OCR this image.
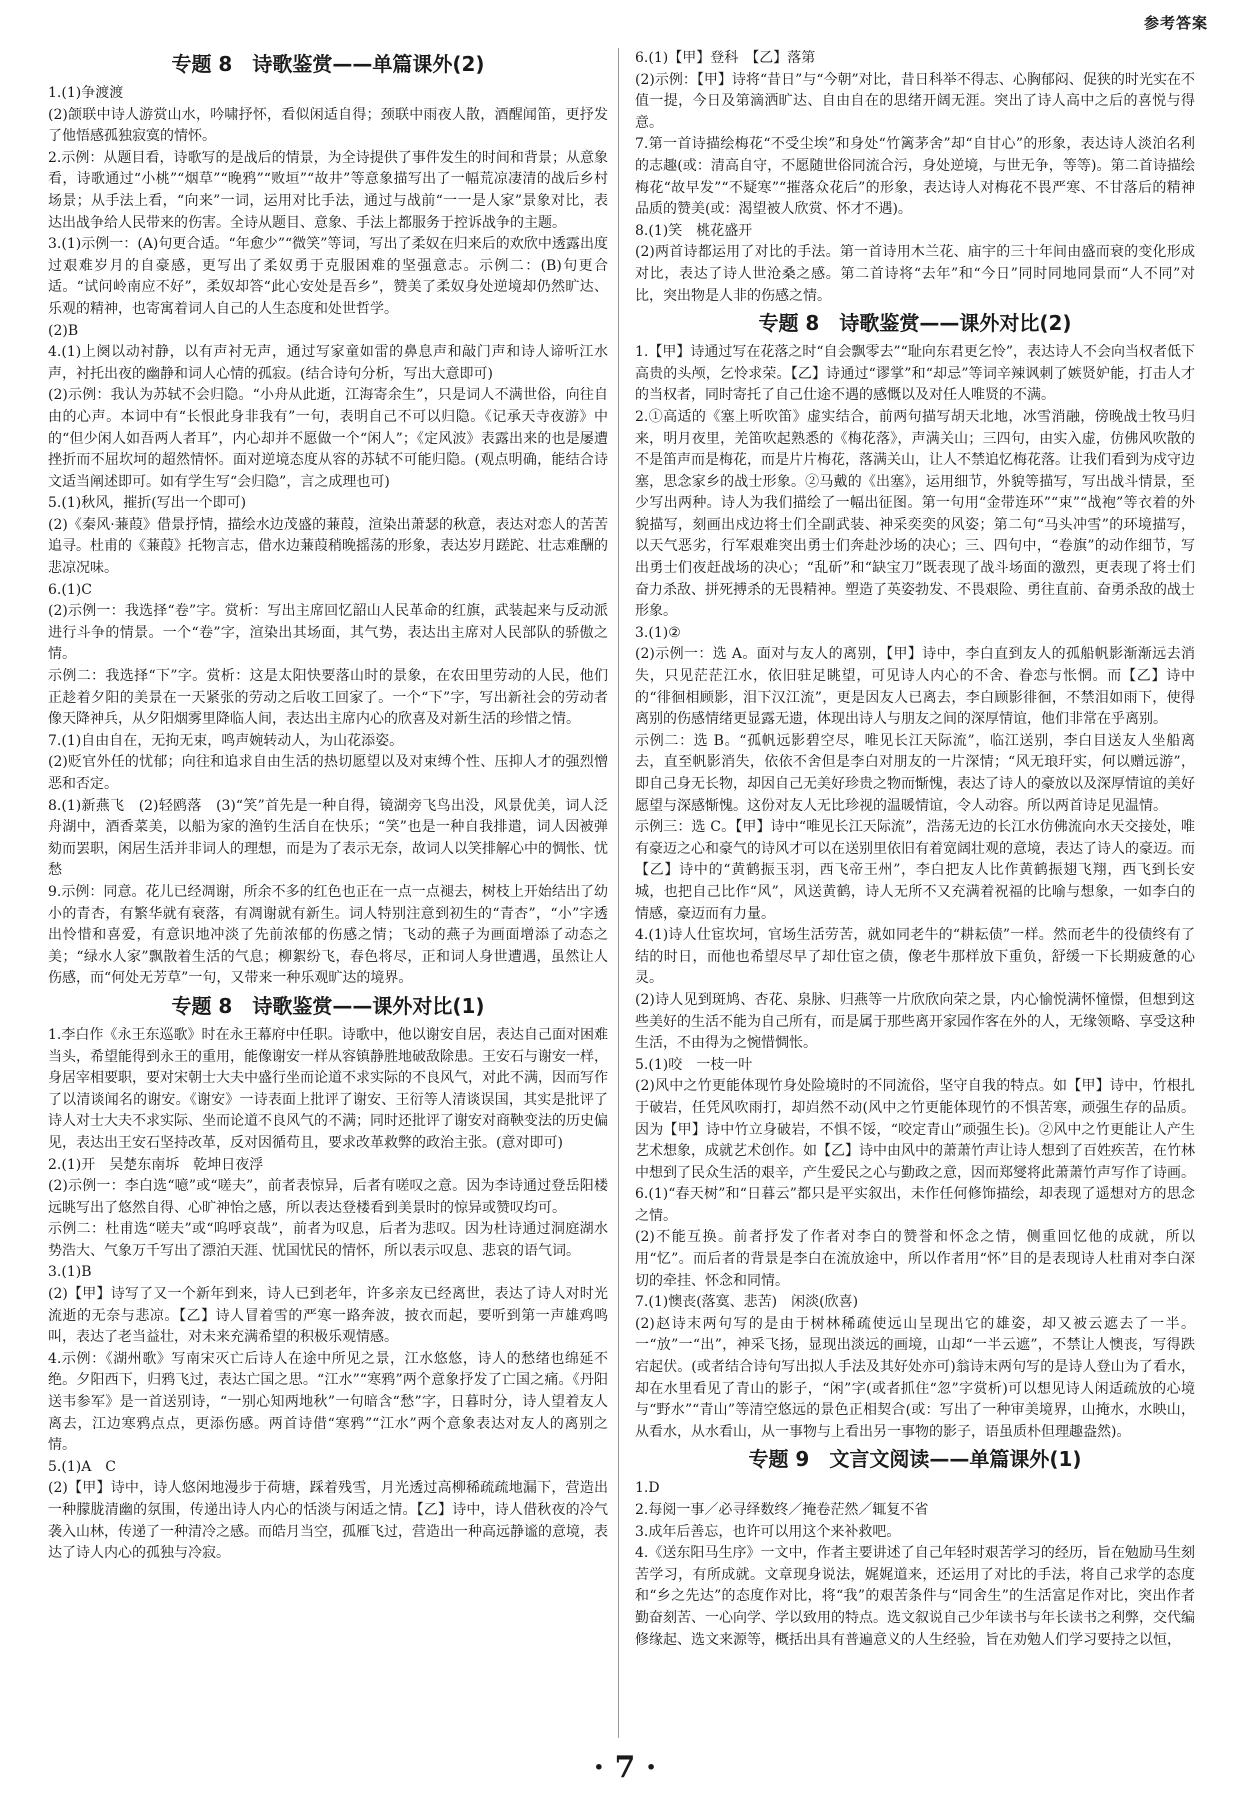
参考答案
专题 8　诗歌鉴赏——单篇课外(2)

1.(1)争渡渡

(2)颌联中诗人游赏山水，吟啸抒怀，看似闲适自得；颈联中雨夜人散，酒醒闻笛，更抒发了他悟感孤独寂寞的情怀。

2.示例：从题目看，诗歌写的是战后的情景，为全诗提供了事件发生的时间和背景；从意象看，诗歌通过“小桃”“烟草”“晚鸦”“败垣”“故井”等意象描写出了一幅荒凉凄清的战后乡村场景；从手法上看，“向来”一词，运用对比手法，通过与战前“一一是人家”景象对比，表达出战争给人民带来的伤害。全诗从题目、意象、手法上都服务于控诉战争的主题。

3.(1)示例一：(A)句更合适。“年愈少”“微笑”等词，写出了柔奴在归来后的欢欣中透露出度过艰难岁月的自豪感，更写出了柔奴勇于克服困难的坚强意志。示例二：(B)句更合适。“试问岭南应不好”，柔奴却答“此心安处是吾乡”，赞美了柔奴身处逆境却仍然旷达、乐观的精神，也寄寓着词人自己的人生态度和处世哲学。

(2)B

4.(1)上阕以动衬静，以有声衬无声，通过写家童如雷的鼻息声和敲门声和诗人谛听江水声，衬托出夜的幽静和词人心情的孤寂。(结合诗句分析，写出大意即可)

(2)示例：我认为苏轼不会归隐。“小舟从此逝，江海寄余生”，只是词人不满世俗，向往自由的心声。本词中有“长恨此身非我有”一句，表明自己不可以归隐。《记承天寺夜游》中的“但少闲人如吾两人者耳”，内心却并不愿做一个“闲人”；《定风波》表露出来的也是屡遭挫折而不屈坎坷的超然情怀。面对逆境态度从容的苏轼不可能归隐。(观点明确，能结合诗文适当阐述即可。如有学生写“会归隐”，言之成理也可)

5.(1)秋风，摧折(写出一个即可)

(2)《秦风·蒹葭》借景抒情，描绘水边茂盛的蒹葭，渲染出萧瑟的秋意，表达对恋人的苦苦追寻。杜甫的《蒹葭》托物言志，借水边蒹葭稍晚摇荡的形象，表达岁月蹉跎、壮志难酬的悲凉况味。

6.(1)C

(2)示例一：我选择“卷”字。赏析：写出主席回忆韶山人民革命的红旗，武装起来与反动派进行斗争的情景。一个“卷”字，渲染出其场面，其气势，表达出主席对人民部队的骄傲之情。

示例二：我选择“下”字。赏析：这是太阳快要落山时的景象，在农田里劳动的人民，他们正趁着夕阳的美景在一天紧张的劳动之后收工回家了。一个“下”字，写出新社会的劳动者像天降神兵，从夕阳烟雾里降临人间，表达出主席内心的欣喜及对新生活的珍惜之情。

7.(1)自由自在，无拘无束，鸣声婉转动人，为山花添姿。

(2)贬官外任的忧郁；向往和追求自由生活的热切愿望以及对束缚个性、压抑人才的强烈憎恶和否定。

8.(1)新燕飞　(2)轻鸥落　(3)“笑”首先是一种自得，镜湖旁飞鸟出没，风景优美，词人泛舟湖中，酒香菜美，以船为家的渔钓生活自在快乐；“笑”也是一种自我排遣，词人因被弹劾而罢职，闲居生活并非词人的理想，而是为了表示无奈，故词人以笑排解心中的惆怅、忧愁

9.示例：同意。花儿已经凋谢，所余不多的红色也正在一点一点褪去，树枝上开始结出了幼小的青杏，有繁华就有衰落，有凋谢就有新生。词人特别注意到初生的“青杏”，“小”字透出怜惜和喜爱，有意识地冲淡了先前浓郁的伤感之情；飞动的燕子为画面增添了动态之美；“绿水人家”飘散着生活的气息；柳絮纷飞，春色将尽，正和词人身世遭遇，虽然让人伤感，而“何处无芳草”一句，又带来一种乐观旷达的境界。

专题 8　诗歌鉴赏——课外对比(1)

1.李白作《永王东巡歌》时在永王幕府中任职。诗歌中，他以谢安自居，表达自己面对困难当头，希望能得到永王的重用，能像谢安一样从容镇静胜地破敌除患。王安石与谢安一样，身居宰相要职，要对宋朝士大夫中盛行坐而论道不求实际的不良风气，对此不满，因而写作了以清谈闻名的谢安。《谢安》一诗表面上批评了谢安、王衍等人清谈误国，其实是批评了诗人对士大夫不求实际、坐而论道不良风气的不满；同时还批评了谢安对商鞅变法的历史偏见，表达出王安石坚持改革，反对因循苟且，要求改革救弊的政治主张。(意对即可)

2.(1)开　吴楚东南坼　乾坤日夜浮

(2)示例一：李白选“噫”或“嗟夫”，前者表惊异，后者有嗟叹之意。因为李诗通过登岳阳楼远眺写出了悠然自得、心旷神怡之感，所以表达登楼看到美景时的惊异或赞叹均可。

示例二：杜甫选“嗟夫”或“呜呼哀哉”，前者为叹息，后者为悲叹。因为杜诗通过洞庭湖水势浩大、气象万千写出了漂泊天涯、忧国忧民的情怀，所以表示叹息、悲哀的语气词。

3.(1)B

(2)【甲】诗写了又一个新年到来，诗人已到老年，许多亲友已经离世，表达了诗人对时光流逝的无奈与悲凉。【乙】诗人冒着雪的严寒一路奔波，披衣而起，要听到第一声雄鸡鸣叫，表达了老当益壮，对未来充满希望的积极乐观情感。

4.示例：《湖州歌》写南宋灭亡后诗人在途中所见之景，江水悠悠，诗人的愁绪也绵延不绝。夕阳西下，归鸦飞过，表达亡国之思。“江水”“寒鸦”两个意象抒发了亡国之痛。《丹阳送韦参军》是一首送别诗，“一别心知两地秋”一句暗含“愁”字，日暮时分，诗人望着友人离去，江边寒鸦点点，更添伤感。两首诗借“寒鸦”“江水”两个意象表达对友人的离别之情。

5.(1)A　C

(2)【甲】诗中，诗人悠闲地漫步于荷塘，踩着残雪，月光透过高柳稀疏疏地漏下，营造出一种朦胧清幽的氛围，传递出诗人内心的恬淡与闲适之情。【乙】诗中，诗人借秋夜的冷气袭入山林，传递了一种清冷之感。而皓月当空，孤雁飞过，营造出一种高远静谧的意境，表达了诗人内心的孤独与冷寂。

6.(1)【甲】登科　【乙】落第

(2)示例：【甲】诗将“昔日”与“今朝”对比，昔日科举不得志、心胸郁闷、促狭的时光实在不值一提，今日及第滴洒旷达、自由自在的思绪开阔无涯。突出了诗人高中之后的喜悦与得意。

7.第一首诗描绘梅花“不受尘埃”和身处“竹篱茅舍”却“自甘心”的形象，表达诗人淡泊名利的志趣(或：清高自守，不愿随世俗同流合污，身处逆境，与世无争，等等)。第二首诗描绘梅花“故早发”“不疑寒”“摧落众花后”的形象，表达诗人对梅花不畏严寒、不甘落后的精神品质的赞美(或：渴望被人欣赏、怀才不遇)。

8.(1)笑　桃花盛开

(2)两首诗都运用了对比的手法。第一首诗用木兰花、庙宇的三十年间由盛而衰的变化形成对比，表达了诗人世沧桑之感。第二首诗将“去年”和“今日”同时同地同景而“人不同”对比，突出物是人非的伤感之情。

专题 8　诗歌鉴赏——课外对比(2)

1.【甲】诗通过写在花落之时“自会飘零去”“耻向东君更乞怜”，表达诗人不会向当权者低下高贵的头颅，乞怜求荣。【乙】诗通过“谬掌”和“却忌”等词辛辣讽刺了嫉贤妒能，打击人才的当权者，同时寄托了自己仕途不遇的感慨以及对任人唯贤的不满。

2.①高适的《塞上听吹笛》虚实结合，前两句描写胡天北地，冰雪消融，傍晚战士牧马归来，明月夜里，羌笛吹起熟悉的《梅花落》，声满关山；三四句，由实入虚，仿佛风吹散的不是笛声而是梅花，而是片片梅花，落满关山，让人不禁追忆梅花落。让我们看到为戍守边塞，思念家乡的战士形象。②马戴的《出塞》，运用细节，外貌等描写，写出战斗情景，至少写出两种。诗人为我们描绘了一幅出征图。第一句用“金带连环”“束”“战袍”等衣着的外貌描写，刻画出戍边将士们全副武装、神采奕奕的风姿；第二句“马头冲雪”的环境描写，以天气恶劣，行军艰难突出勇士们奔赴沙场的决心；三、四句中，“卷旗”的动作细节，写出勇士们夜赶战场的决心；“乱斫”和“缺宝刀”既表现了战斗场面的激烈，更表现了将士们奋力杀敌、拼死搏杀的无畏精神。塑造了英姿勃发、不畏艰险、勇往直前、奋勇杀敌的战士形象。

3.(1)②

(2)示例一：选 A。面对与友人的离别，【甲】诗中，李白直到友人的孤船帆影渐渐远去消失，只见茫茫江水，依旧驻足眺望，可见诗人内心的不舍、眷恋与怅惘。而【乙】诗中的“徘徊相顾影，泪下汉江流”，更是因友人已离去，李白顾影徘徊，不禁泪如雨下，使得离别的伤感情绪更显露无遗，体现出诗人与朋友之间的深厚情谊，他们非常在乎离别。

示例二：选 B。“孤帆远影碧空尽，唯见长江天际流”，临江送别，李白目送友人坐船离去，直至帆影消失，依依不舍但是李白对朋友的一片深情；“风无琅玕实，何以赠远游”，即自己身无长物，却因自己无美好珍贵之物而惭愧，表达了诗人的豪放以及深厚情谊的美好愿望与深感惭愧。这份对友人无比珍视的温暖情谊，令人动容。所以两首诗足见温情。

示例三：选 C。【甲】诗中“唯见长江天际流”，浩荡无边的长江水仿佛流向水天交接处，唯有豪迈之心和豪气的诗风才可以在送别里依旧有着宽阔壮观的意境，表达了诗人的豪迈。而【乙】诗中的“黄鹤振玉羽，西飞帝王州”，李白把友人比作黄鹤振翅飞翔，西飞到长安城，也把自己比作“风”，风送黄鹤，诗人无所不又充满着祝福的比喻与想象，一如李白的情感，豪迈而有力量。

4.(1)诗人仕宦坎坷，官场生活劳苦，就如同老牛的“耕耘债”一样。然而老牛的役债终有了结的时日，而他也希望尽早了却仕宦之债，像老牛那样放下重负，舒缓一下长期疲惫的心灵。

(2)诗人见到斑鸠、杏花、泉脉、归燕等一片欣欣向荣之景，内心愉悦满怀憧憬，但想到这些美好的生活不能为自己所有，而是属于那些离开家园作客在外的人，无缘领略、享受这种生活，不由得为之惋惜惆怅。

5.(1)咬　一枝一叶

(2)风中之竹更能体现竹身处险境时的不同流俗，坚守自我的特点。如【甲】诗中，竹根扎于破岩，任凭风吹雨打，却岿然不动(风中之竹更能体现竹的不惧苦寒，顽强生存的品质。因为【甲】诗中竹立身破岩，不惧不馁，“咬定青山”顽强生长)。②风中之竹更能让人产生艺术想象，成就艺术创作。如【乙】诗中由风中的萧萧竹声让诗人想到了百姓疾苦，在竹林中想到了民众生活的艰辛，产生爱民之心与勤政之意，因而郑燮将此萧萧竹声写作了诗画。

6.(1)“春天树”和“日暮云”都只是平实叙出，未作任何修饰描绘，却表现了遥想对方的思念之情。

(2)不能互换。前者抒发了作者对李白的赞誉和怀念之情，侧重回忆他的成就，所以用“忆”。而后者的背景是李白在流放途中，所以作者用“怀”目的是表现诗人杜甫对李白深切的牵挂、怀念和同情。

7.(1)懊丧(落寞、悲苦)　闲淡(欣喜)

(2)赵诗末两句写的是由于树林稀疏使远山呈现出它的雄姿，却又被云遮去了一半。一“放”一“出”，神采飞扬，显现出淡远的画境，山却“一半云遮”，不禁让人懊丧，写得跌宕起伏。(或者结合诗句写出拟人手法及其好处亦可)翁诗末两句写的是诗人登山为了看水，却在水里看见了青山的影子，“闲”字(或者抓住“忽”字赏析)可以想见诗人闲适疏放的心境与“野水”“青山”等清空悠远的景色正相契合(或：写出了一种审美境界，山掩水，水映山，从看水，从水看山，从一事物与上看出另一事物的影子，语虽质朴但理趣盎然)。

专题 9　文言文阅读——单篇课外(1)

1.D

2.每阅一事／必寻绎数终／掩卷茫然／辄复不省

3.成年后善忘，也许可以用这个来补救吧。

4.《送东阳马生序》一文中，作者主要讲述了自己年轻时艰苦学习的经历，旨在勉励马生刻苦学习，有所成就。文章现身说法，娓娓道来，还运用了对比的手法，将自己求学的态度和“乡之先达”的态度作对比，将“我”的艰苦条件与“同舍生”的生活富足作对比，突出作者勤奋刻苦、一心向学、学以致用的特点。选文叙说自己少年读书与年长读书之利弊，交代编修缘起、选文来源等，概括出具有普遍意义的人生经验，旨在劝勉人们学习要持之以恒，

· 7 ·
